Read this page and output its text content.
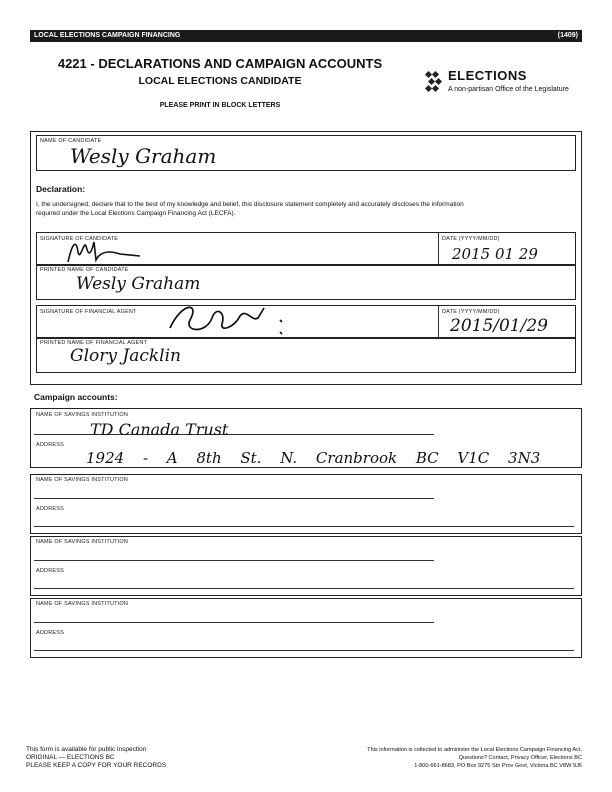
LOCAL ELECTIONS CAMPAIGN FINANCING	(1409)
4221 - DECLARATIONS AND CAMPAIGN ACCOUNTS
LOCAL ELECTIONS CANDIDATE
PLEASE PRINT IN BLOCK LETTERS
ELECTIONS
A non-partisan Office of the Legislature
NAME OF CANDIDATE
Wesly Graham
Declaration:
I, the undersigned, declare that to the best of my knowledge and belief, this disclosure statement completely and accurately discloses the information
required under the Local Elections Campaign Financing Act (LECFA).
SIGNATURE OF CANDIDATE	DATE (YYYY/MM/DD)
2015 01 29
PRINTED NAME OF CANDIDATE
Wesly Graham
SIGNATURE OF FINANCIAL AGENT	DATE (YYYY/MM/DD)
2015/01/29
PRINTED NAME OF FINANCIAL AGENT
Glory Jacklin
Campaign accounts:
NAME OF SAVINGS INSTITUTION
TD Canada Trust
ADDRESS
1924 - A 8th St. N. Cranbrook BC V1C 3N3
NAME OF SAVINGS INSTITUTION
ADDRESS
NAME OF SAVINGS INSTITUTION
ADDRESS
NAME OF SAVINGS INSTITUTION
ADDRESS
This form is available for public inspection
ORIGINAL — ELECTIONS BC
PLEASE KEEP A COPY FOR YOUR RECORDS
This information is collected to administer the Local Elections Campaign Financing Act.
Questions? Contact, Privacy Officer, Elections BC
1-800-661-8683, PO Box 9275 Stn Prov Govt, Victoria BC V8W 9J6
